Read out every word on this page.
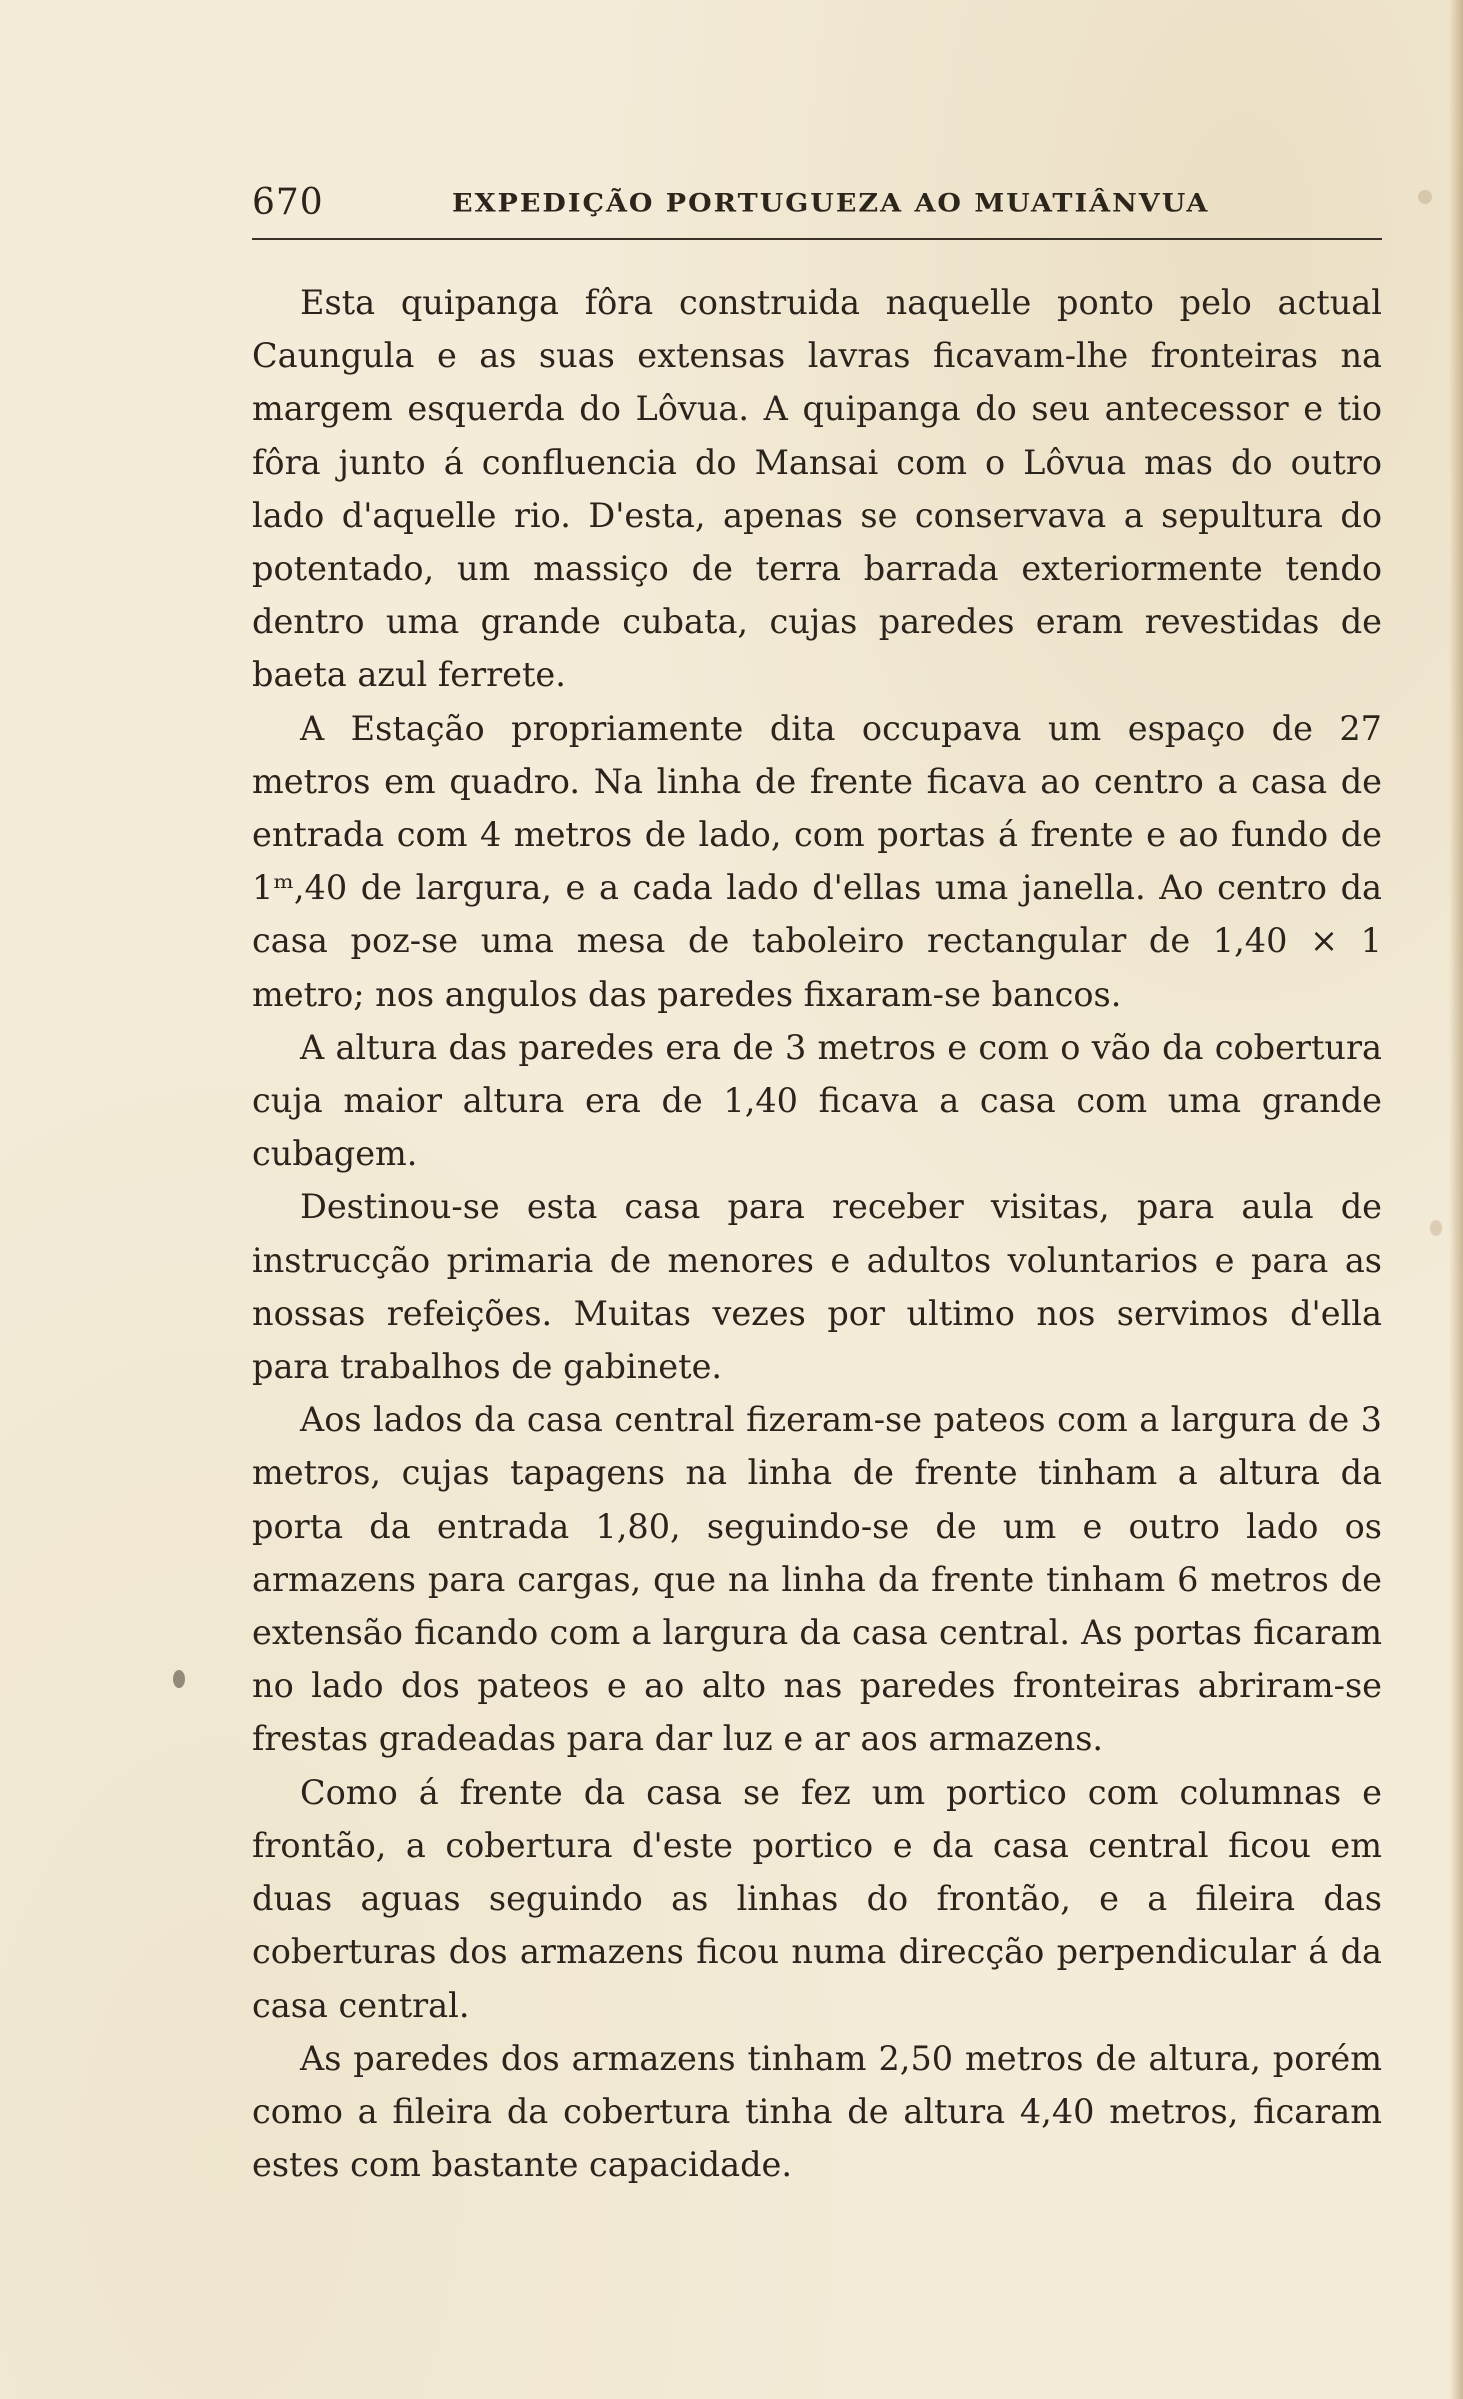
670	EXPEDIÇÃO PORTUGUEZA AO MUATIÂNVUA

Esta quipanga fôra construida naquelle ponto pelo actual Caungula e as suas extensas lavras ficavam-lhe fronteiras na margem esquerda do Lôvua. A quipanga do seu antecessor e tio fôra junto á confluencia do Mansai com o Lôvua mas do outro lado d'aquelle rio. D'esta, apenas se conservava a sepultura do potentado, um massiço de terra barrada exteriormente tendo dentro uma grande cubata, cujas paredes eram revestidas de baeta azul ferrete.

A Estação propriamente dita occupava um espaço de 27 metros em quadro. Na linha de frente ficava ao centro a casa de entrada com 4 metros de lado, com portas á frente e ao fundo de 1ᵐ,40 de largura, e a cada lado d'ellas uma janella. Ao centro da casa poz-se uma mesa de taboleiro rectangular de 1,40 × 1 metro; nos angulos das paredes fixaram-se bancos.

A altura das paredes era de 3 metros e com o vão da cobertura cuja maior altura era de 1,40 ficava a casa com uma grande cubagem.

Destinou-se esta casa para receber visitas, para aula de instrucção primaria de menores e adultos voluntarios e para as nossas refeições. Muitas vezes por ultimo nos servimos d'ella para trabalhos de gabinete.

Aos lados da casa central fizeram-se pateos com a largura de 3 metros, cujas tapagens na linha de frente tinham a altura da porta da entrada 1,80, seguindo-se de um e outro lado os armazens para cargas, que na linha da frente tinham 6 metros de extensão ficando com a largura da casa central. As portas ficaram no lado dos pateos e ao alto nas paredes fronteiras abriram-se frestas gradeadas para dar luz e ar aos armazens.

Como á frente da casa se fez um portico com columnas e frontão, a cobertura d'este portico e da casa central ficou em duas aguas seguindo as linhas do frontão, e a fileira das coberturas dos armazens ficou numa direcção perpendicular á da casa central.

As paredes dos armazens tinham 2,50 metros de altura, porém como a fileira da cobertura tinha de altura 4,40 metros, ficaram estes com bastante capacidade.
